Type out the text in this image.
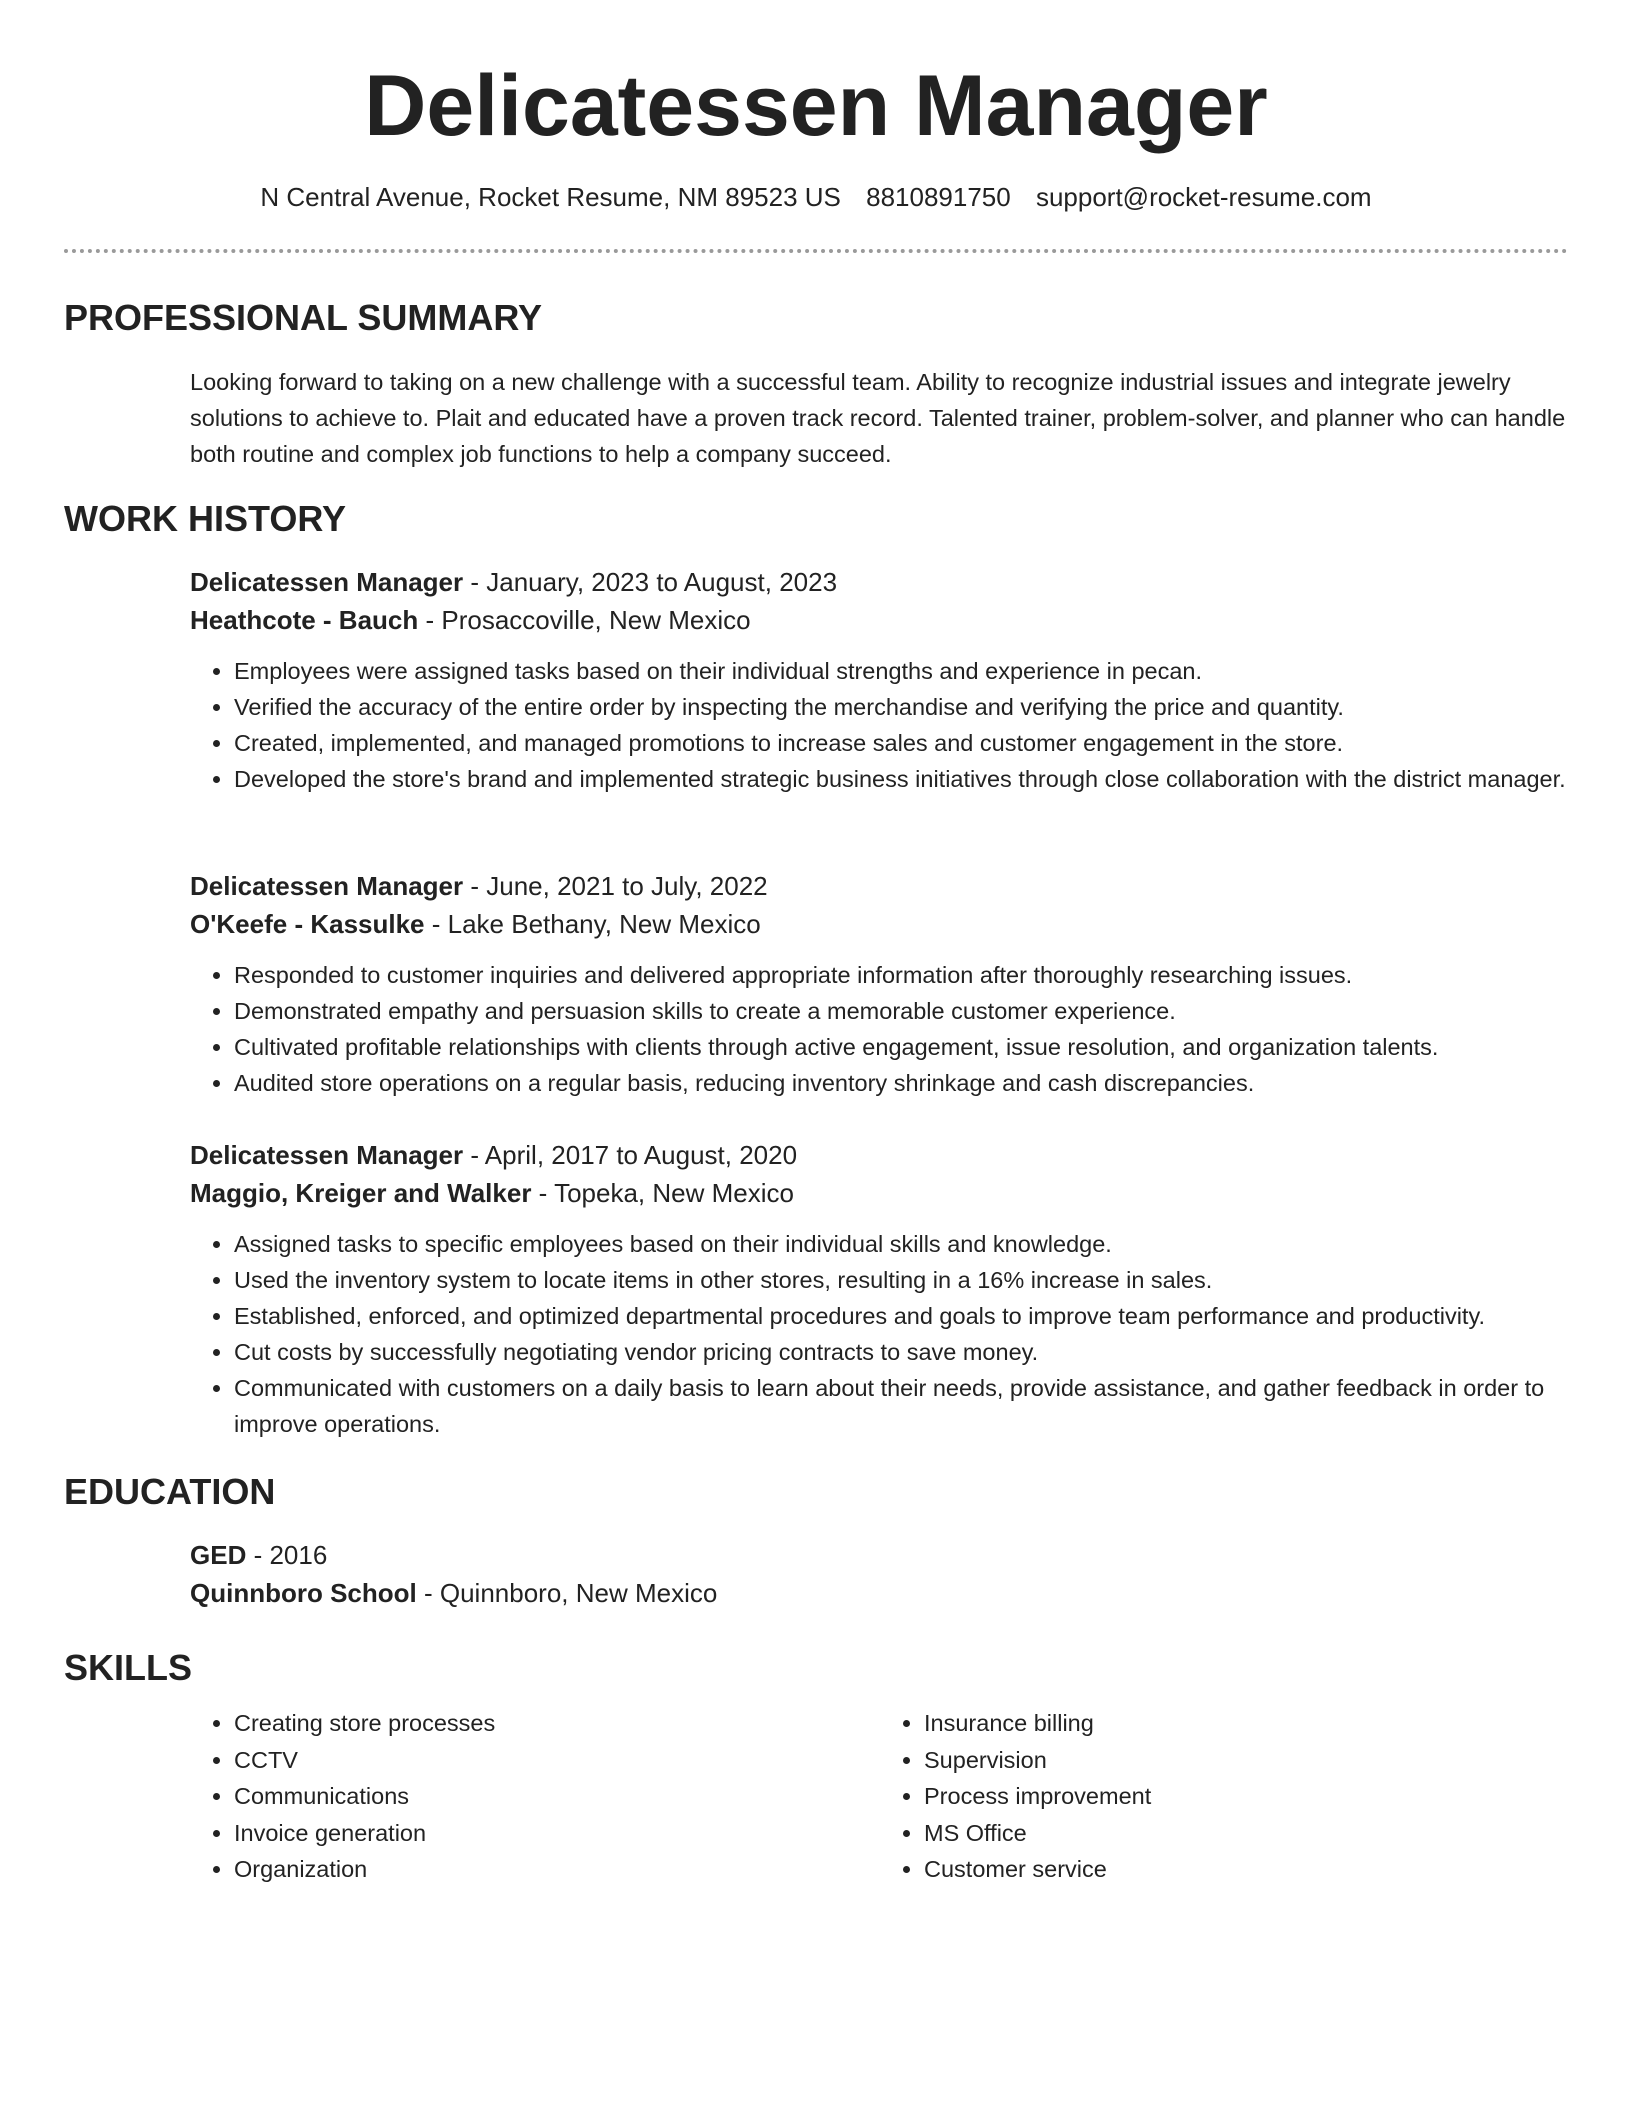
Delicatessen Manager
N Central Avenue, Rocket Resume, NM 89523 US 8810891750 support@rocket-resume.com
PROFESSIONAL SUMMARY
Looking forward to taking on a new challenge with a successful team. Ability to recognize industrial issues and integrate jewelry solutions to achieve to. Plait and educated have a proven track record. Talented trainer, problem-solver, and planner who can handle both routine and complex job functions to help a company succeed.
WORK HISTORY
Delicatessen Manager - January, 2023 to August, 2023
Heathcote - Bauch - Prosaccoville, New Mexico
• Employees were assigned tasks based on their individual strengths and experience in pecan.
• Verified the accuracy of the entire order by inspecting the merchandise and verifying the price and quantity.
• Created, implemented, and managed promotions to increase sales and customer engagement in the store.
• Developed the store's brand and implemented strategic business initiatives through close collaboration with the district manager.
Delicatessen Manager - June, 2021 to July, 2022
O'Keefe - Kassulke - Lake Bethany, New Mexico
• Responded to customer inquiries and delivered appropriate information after thoroughly researching issues.
• Demonstrated empathy and persuasion skills to create a memorable customer experience.
• Cultivated profitable relationships with clients through active engagement, issue resolution, and organization talents.
• Audited store operations on a regular basis, reducing inventory shrinkage and cash discrepancies.
Delicatessen Manager - April, 2017 to August, 2020
Maggio, Kreiger and Walker - Topeka, New Mexico
• Assigned tasks to specific employees based on their individual skills and knowledge.
• Used the inventory system to locate items in other stores, resulting in a 16% increase in sales.
• Established, enforced, and optimized departmental procedures and goals to improve team performance and productivity.
• Cut costs by successfully negotiating vendor pricing contracts to save money.
• Communicated with customers on a daily basis to learn about their needs, provide assistance, and gather feedback in order to improve operations.
EDUCATION
GED - 2016
Quinnboro School - Quinnboro, New Mexico
SKILLS
• Creating store processes
• CCTV
• Communications
• Invoice generation
• Organization
• Insurance billing
• Supervision
• Process improvement
• MS Office
• Customer service
